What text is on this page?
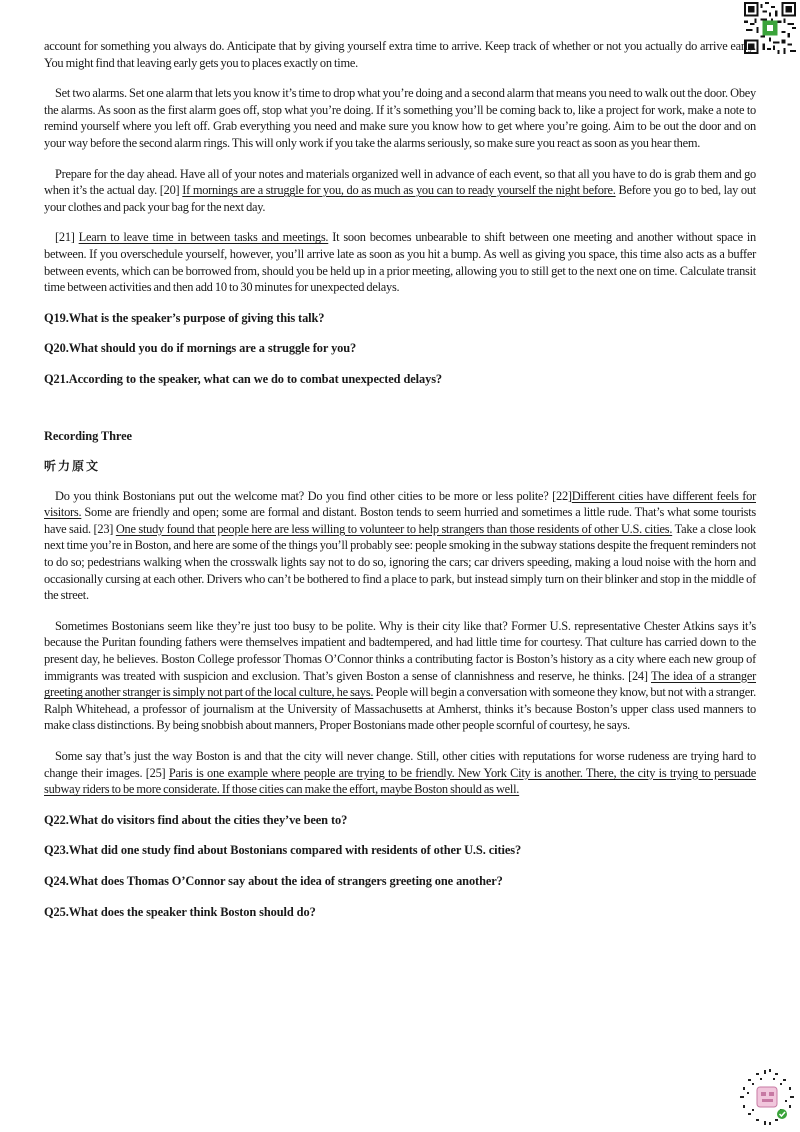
account for something you always do. Anticipate that by giving yourself extra time to arrive. Keep track of whether or not you actually do arrive early. You might find that leaving early gets you to places exactly on time.

Set two alarms. Set one alarm that lets you know it’s time to drop what you’re doing and a second alarm that means you need to walk out the door. Obey the alarms. As soon as the first alarm goes off, stop what you’re doing. If it’s something you’ll be coming back to, like a project for work, make a note to remind yourself where you left off. Grab everything you need and make sure you know how to get where you’re going. Aim to be out the door and on your way before the second alarm rings. This will only work if you take the alarms seriously, so make sure you react as soon as you hear them.

Prepare for the day ahead. Have all of your notes and materials organized well in advance of each event, so that all you have to do is grab them and go when it’s the actual day. [20] If mornings are a struggle for you, do as much as you can to ready yourself the night before. Before you go to bed, lay out your clothes and pack your bag for the next day.

[21] Learn to leave time in between tasks and meetings. It soon becomes unbearable to shift between one meeting and another without space in between. If you overschedule yourself, however, you’ll arrive late as soon as you hit a bump. As well as giving you space, this time also acts as a buffer between events, which can be borrowed from, should you be held up in a prior meeting, allowing you to still get to the next one on time. Calculate transit time between activities and then add 10 to 30 minutes for unexpected delays.

Q19.What is the speaker’s purpose of giving this talk?

Q20.What should you do if mornings are a struggle for you?

Q21.According to the speaker, what can we do to combat unexpected delays?

Recording Three

听力原文

Do you think Bostonians put out the welcome mat? Do you find other cities to be more or less polite? [22]Different cities have different feels for visitors. Some are friendly and open; some are formal and distant. Boston tends to seem hurried and sometimes a little rude. That’s what some tourists have said. [23] One study found that people here are less willing to volunteer to help strangers than those residents of other U.S. cities. Take a close look next time you’re in Boston, and here are some of the things you’ll probably see: people smoking in the subway stations despite the frequent reminders not to do so; pedestrians walking when the crosswalk lights say not to do so, ignoring the cars; car drivers speeding, making a loud noise with the horn and occasionally cursing at each other. Drivers who can’t be bothered to find a place to park, but instead simply turn on their blinker and stop in the middle of the street.

Sometimes Bostonians seem like they’re just too busy to be polite. Why is their city like that? Former U.S. representative Chester Atkins says it’s because the Puritan founding fathers were themselves impatient and badtempered, and had little time for courtesy. That culture has carried down to the present day, he believes. Boston College professor Thomas O’Connor thinks a contributing factor is Boston’s history as a city where each new group of immigrants was treated with suspicion and exclusion. That’s given Boston a sense of clannishness and reserve, he thinks. [24] The idea of a stranger greeting another stranger is simply not part of the local culture, he says. People will begin a conversation with someone they know, but not with a stranger. Ralph Whitehead, a professor of journalism at the University of Massachusetts at Amherst, thinks it’s because Boston’s upper class used manners to make class distinctions. By being snobbish about manners, Proper Bostonians made other people scornful of courtesy, he says.

Some say that’s just the way Boston is and that the city will never change. Still, other cities with reputations for worse rudeness are trying hard to change their images. [25] Paris is one example where people are trying to be friendly. New York City is another. There, the city is trying to persuade subway riders to be more considerate. If those cities can make the effort, maybe Boston should as well.

Q22.What do visitors find about the cities they’ve been to?

Q23.What did one study find about Bostonians compared with residents of other U.S. cities?

Q24.What does Thomas O’Connor say about the idea of strangers greeting one another?

Q25.What does the speaker think Boston should do?
